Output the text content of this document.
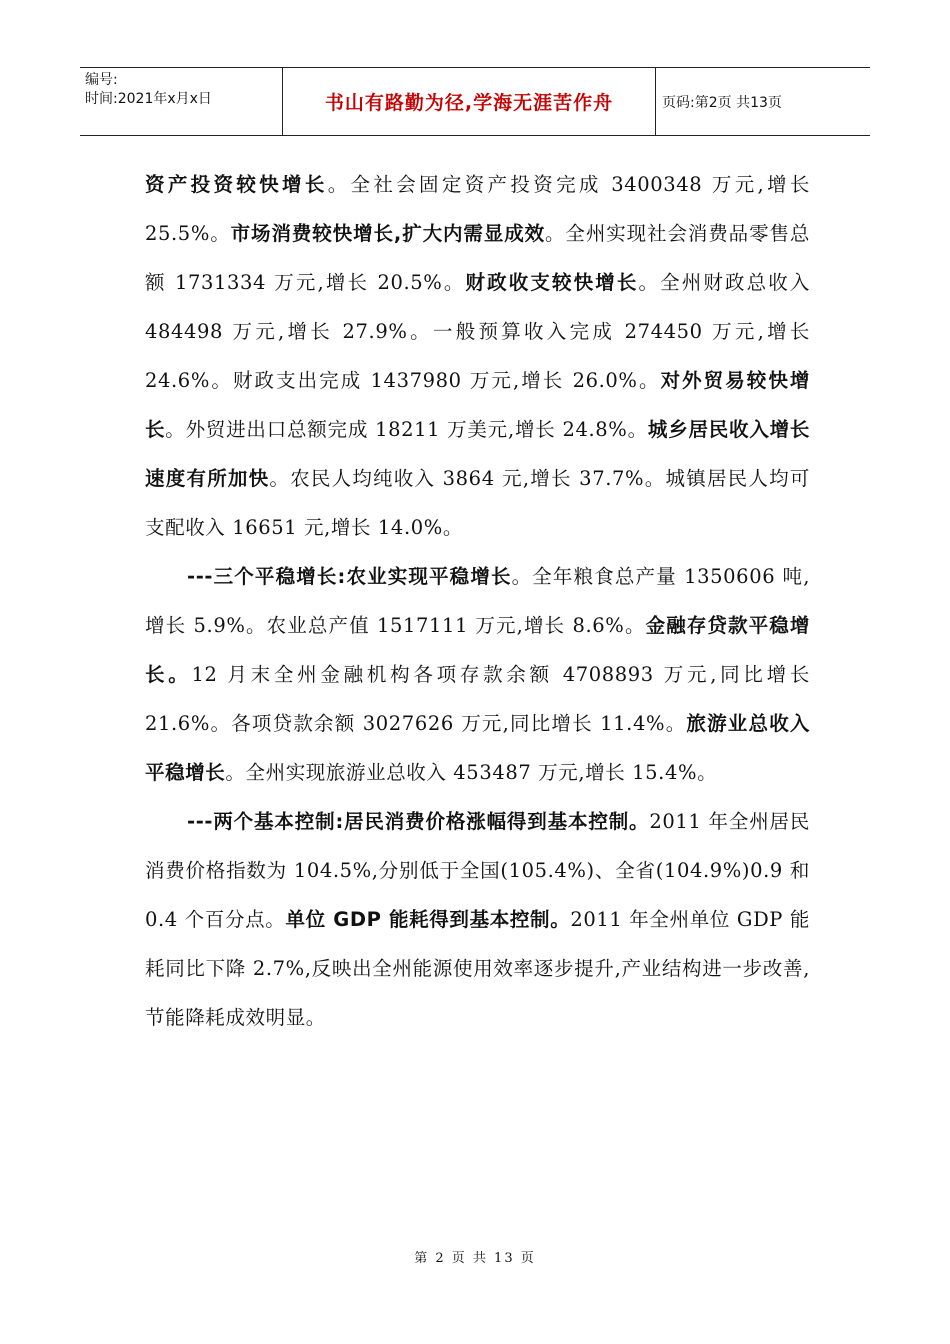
编号:
时间:2021年x月x日	书山有路勤为径,学海无涯苦作舟	页码:第2页 共13页

资产投资较快增长。全社会固定资产投资完成 3400348 万元,增长 25.5%。市场消费较快增长,扩大内需显成效。全州实现社会消费品零售总额 1731334 万元,增长 20.5%。财政收支较快增长。全州财政总收入 484498 万元,增长 27.9%。一般预算收入完成 274450 万元,增长 24.6%。财政支出完成 1437980 万元,增长 26.0%。对外贸易较快增长。外贸进出口总额完成 18211 万美元,增长 24.8%。城乡居民收入增长速度有所加快。农民人均纯收入 3864 元,增长 37.7%。城镇居民人均可支配收入 16651 元,增长 14.0%。

---三个平稳增长:农业实现平稳增长。全年粮食总产量 1350606 吨,增长 5.9%。农业总产值 1517111 万元,增长 8.6%。金融存贷款平稳增长。12 月末全州金融机构各项存款余额 4708893 万元,同比增长 21.6%。各项贷款余额 3027626 万元,同比增长 11.4%。旅游业总收入平稳增长。全州实现旅游业总收入 453487 万元,增长 15.4%。

---两个基本控制:居民消费价格涨幅得到基本控制。2011 年全州居民消费价格指数为 104.5%,分别低于全国(105.4%)、全省(104.9%)0.9 和 0.4 个百分点。单位 GDP 能耗得到基本控制。2011 年全州单位 GDP 能耗同比下降 2.7%,反映出全州能源使用效率逐步提升,产业结构进一步改善,节能降耗成效明显。

第 2 页 共 13 页
